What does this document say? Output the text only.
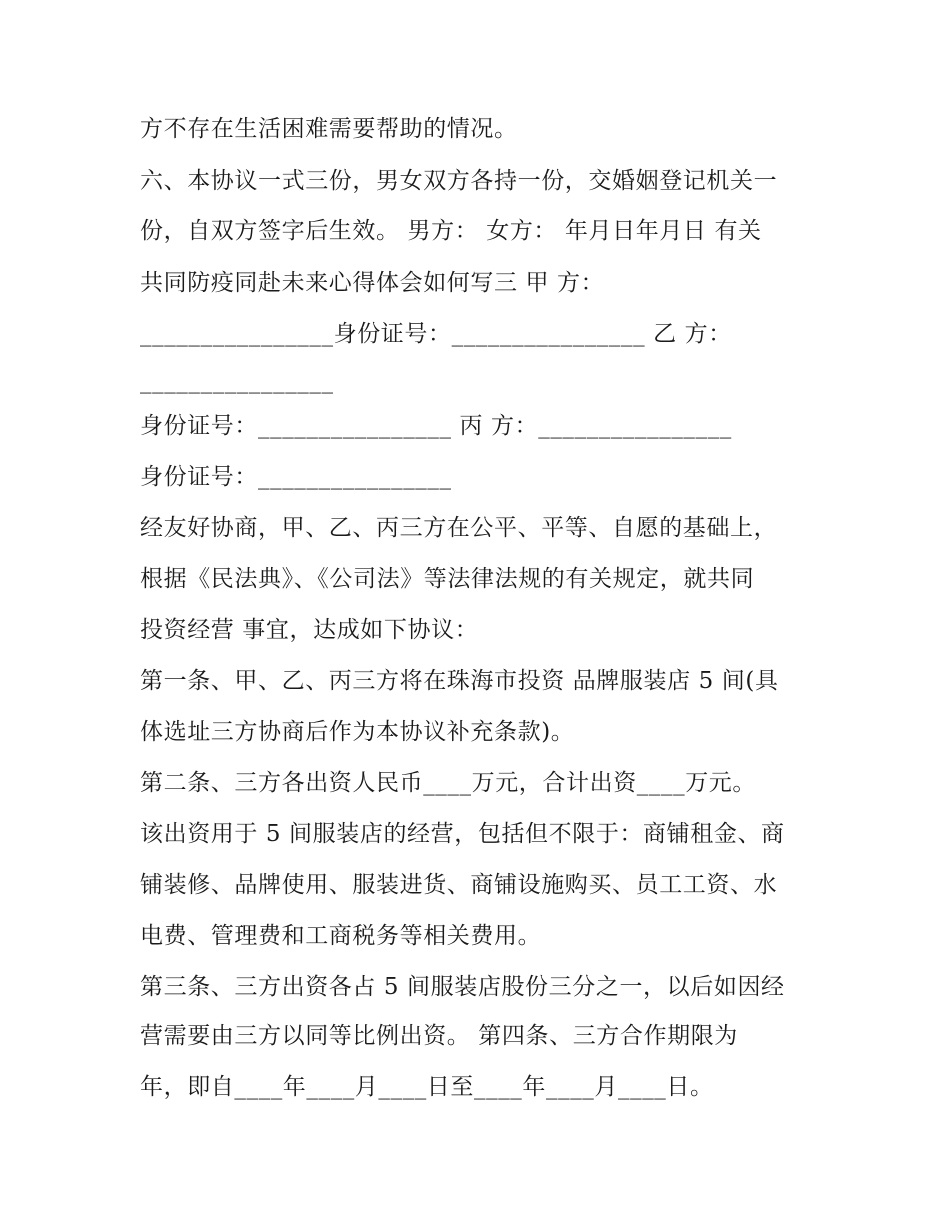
方不存在生活困难需要帮助的情况。
六、本协议一式三份，男女双方各持一份，交婚姻登记机关一
份，自双方签字后生效。 男方： 女方： 年月日年月日 有关
共同防疫同赴未来心得体会如何写三 甲 方：
________________身份证号：________________ 乙 方：
________________
身份证号：________________ 丙 方：________________
身份证号：________________
经友好协商，甲、乙、丙三方在公平、平等、自愿的基础上，
根据《民法典》、《公司法》等法律法规的有关规定，就共同
投资经营 事宜，达成如下协议：
第一条、甲、乙、丙三方将在珠海市投资 品牌服装店 5 间(具
体选址三方协商后作为本协议补充条款)。
第二条、三方各出资人民币____万元，合计出资____万元。
该出资用于 5 间服装店的经营，包括但不限于：商铺租金、商
铺装修、品牌使用、服装进货、商铺设施购买、员工工资、水
电费、管理费和工商税务等相关费用。
第三条、三方出资各占 5 间服装店股份三分之一，以后如因经
营需要由三方以同等比例出资。 第四条、三方合作期限为
年，即自____年____月____日至____年____月____日。
